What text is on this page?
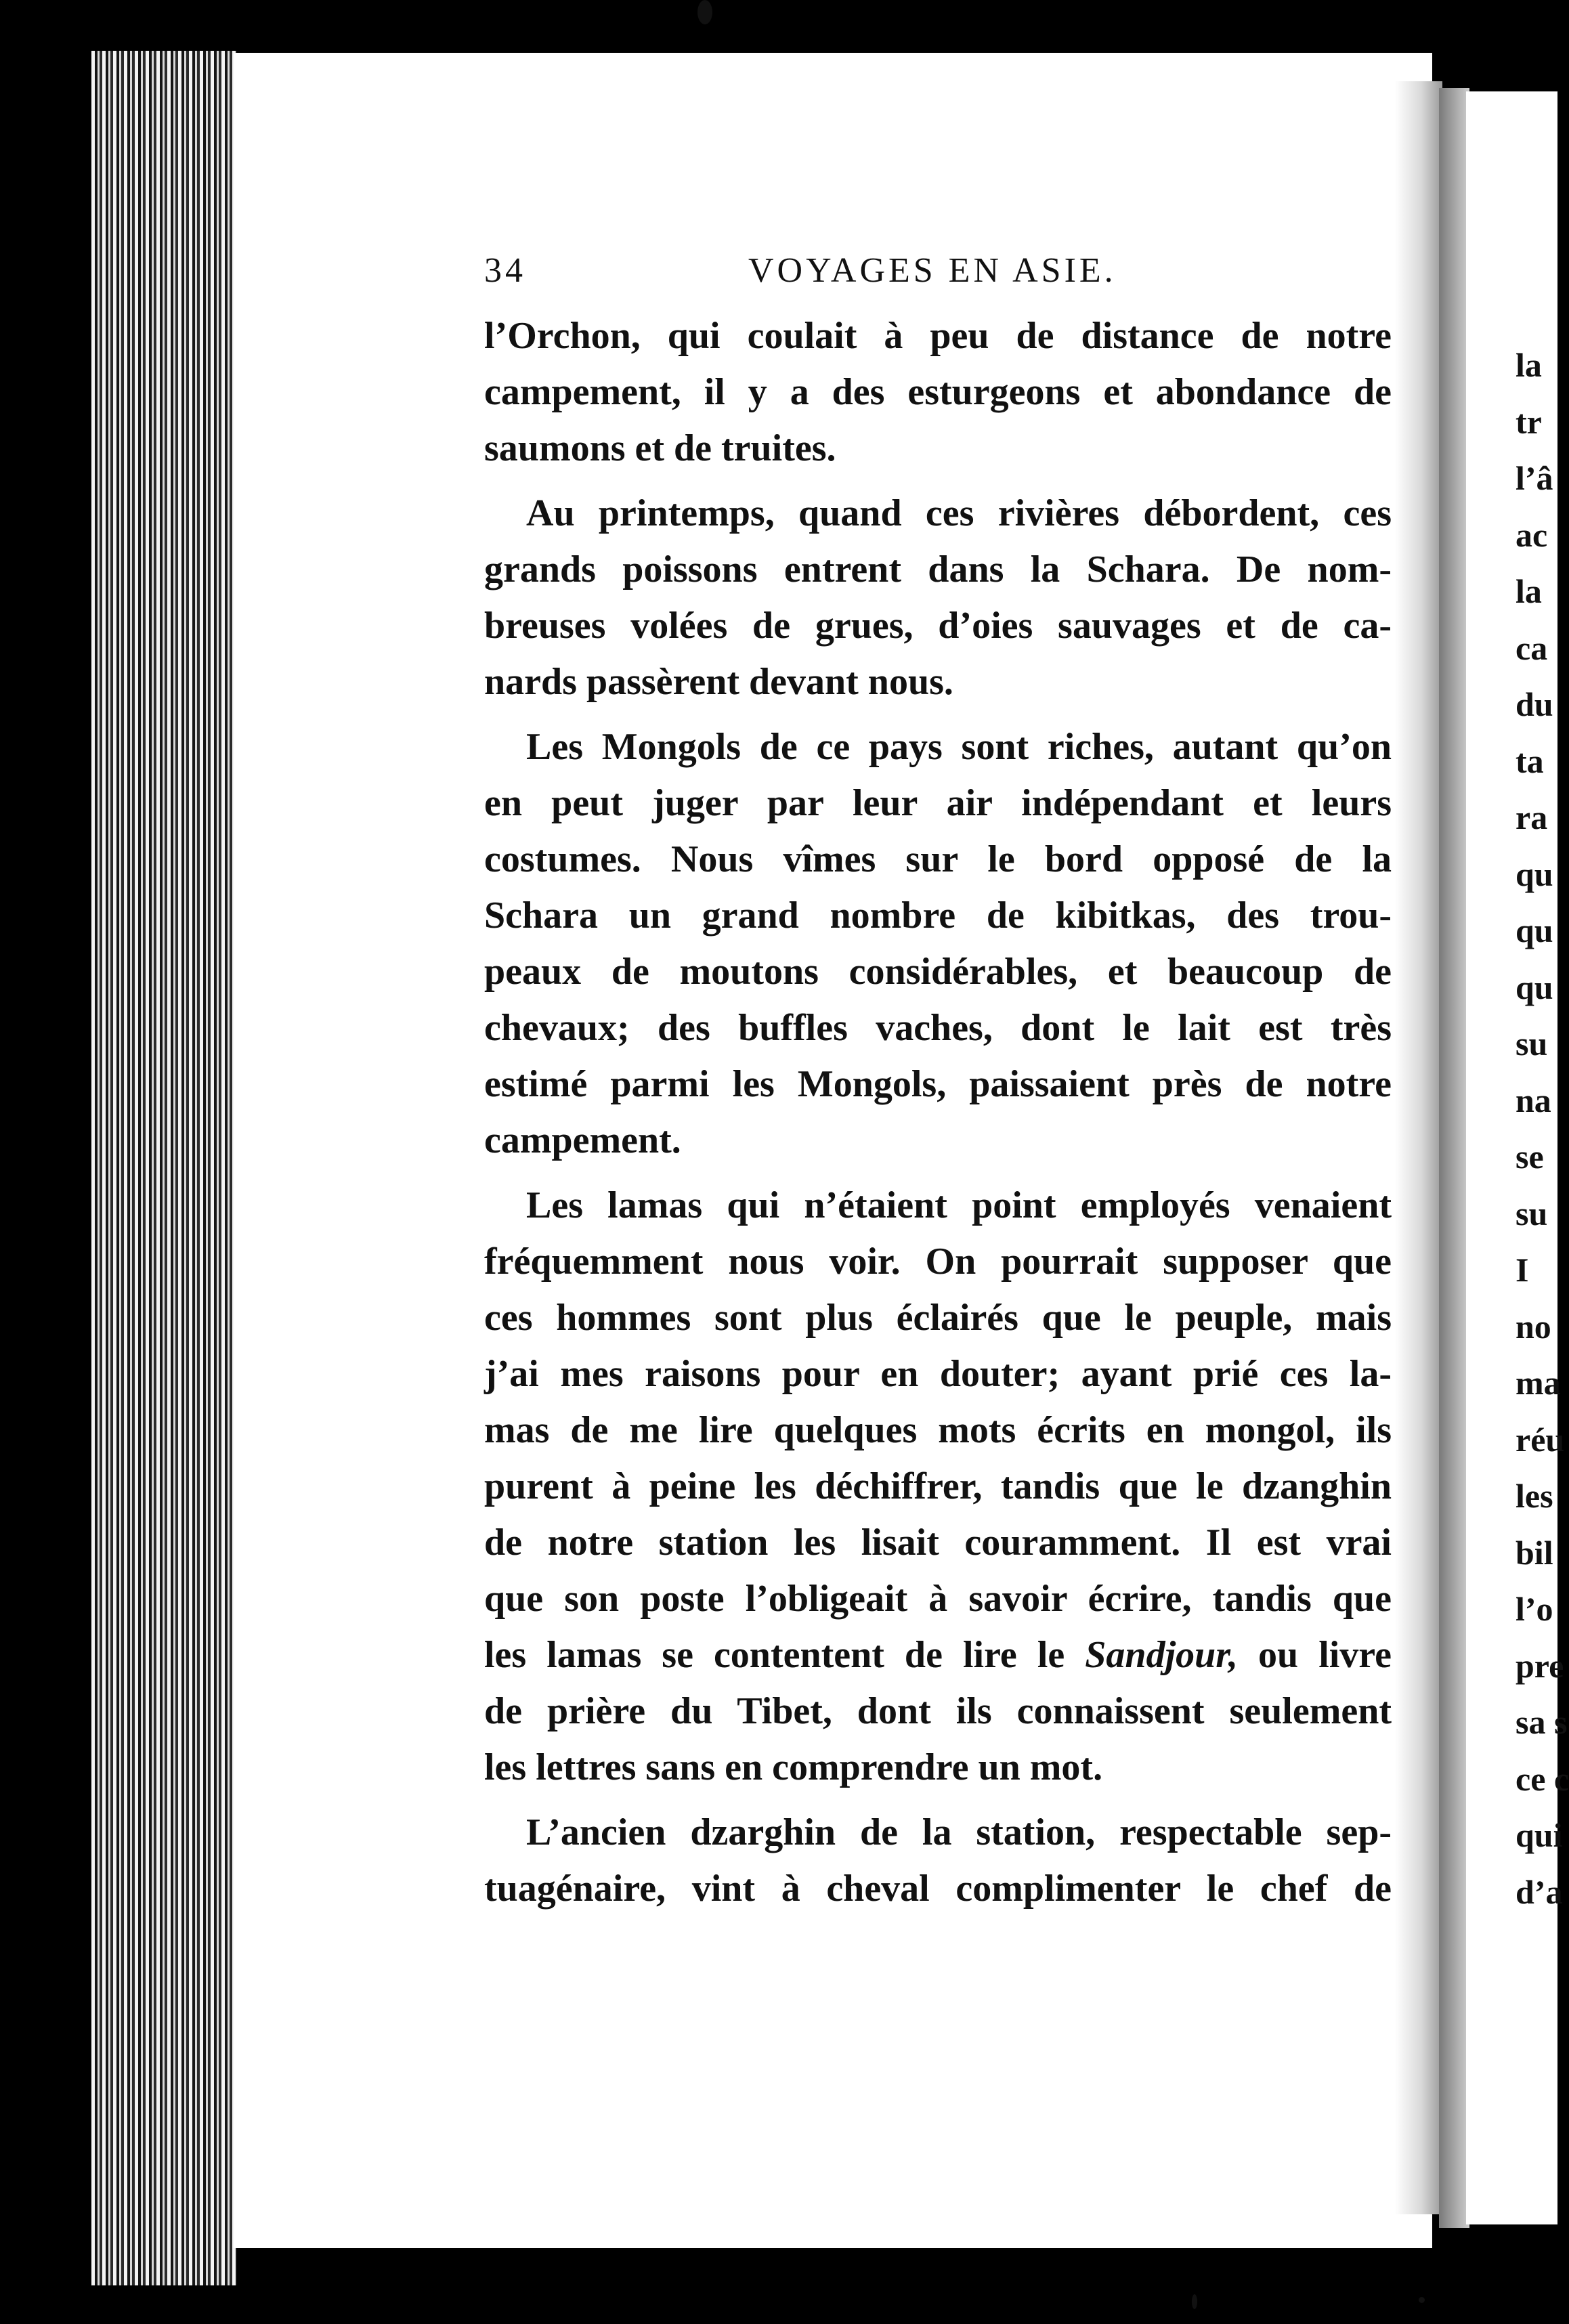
34	VOYAGES EN ASIE.
l’Orchon, qui coulait à peu de distance de notre
campement, il y a des esturgeons et abondance de
saumons et de truites.
Au printemps, quand ces rivières débordent, ces
grands poissons entrent dans la Schara. De nom-
breuses volées de grues, d’oies sauvages et de ca-
nards passèrent devant nous.
Les Mongols de ce pays sont riches, autant qu’on
en peut juger par leur air indépendant et leurs
costumes. Nous vîmes sur le bord opposé de la
Schara un grand nombre de kibitkas, des trou-
peaux de moutons considérables, et beaucoup de
chevaux; des buffles vaches, dont le lait est très
estimé parmi les Mongols, paissaient près de notre
campement.
Les lamas qui n’étaient point employés venaient
fréquemment nous voir. On pourrait supposer que
ces hommes sont plus éclairés que le peuple, mais
j’ai mes raisons pour en douter; ayant prié ces la-
mas de me lire quelques mots écrits en mongol, ils
purent à peine les déchiffrer, tandis que le dzanghin
de notre station les lisait couramment. Il est vrai
que son poste l’obligeait à savoir écrire, tandis que
les lamas se contentent de lire le Sandjour, ou livre
de prière du Tibet, dont ils connaissent seulement
les lettres sans en comprendre un mot.
L’ancien dzarghin de la station, respectable sep-
tuagénaire, vint à cheval complimenter le chef de
la
tr
l’â
ac
la
ca
du
ta
ra
qu
qu
qu
su
na
se
su
I
no
ma
réu
les
bil
l’o
pre
sa s
ce c
qui
d’a
